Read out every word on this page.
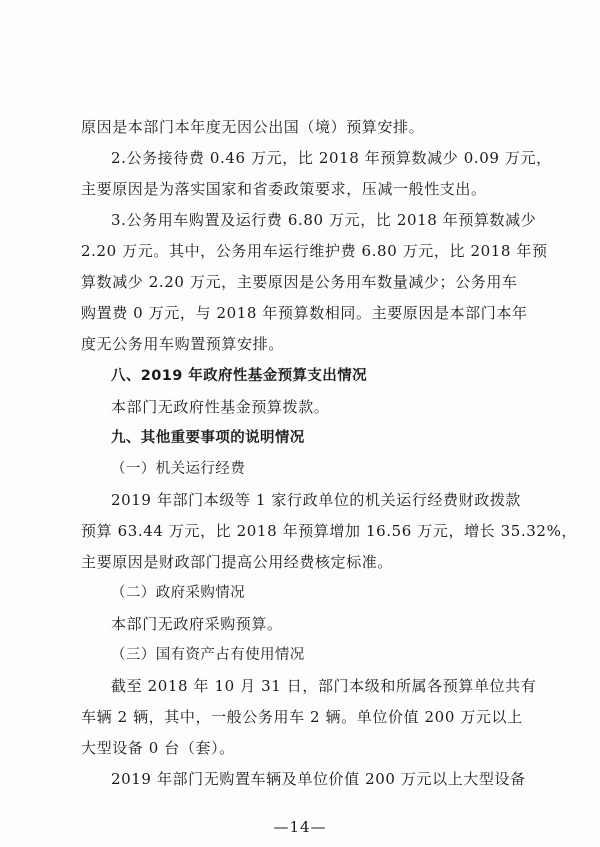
原因是本部门本年度无因公出国（境）预算安排。
2.公务接待费 0.46 万元，比 2018 年预算数减少 0.09 万元，
主要原因是为落实国家和省委政策要求，压减一般性支出。
3.公务用车购置及运行费 6.80 万元，比 2018 年预算数减少
2.20 万元。其中，公务用车运行维护费 6.80 万元，比 2018 年预
算数减少 2.20 万元，主要原因是公务用车数量减少；公务用车
购置费 0 万元，与 2018 年预算数相同。主要原因是本部门本年
度无公务用车购置预算安排。
八、2019 年政府性基金预算支出情况
本部门无政府性基金预算拨款。
九、其他重要事项的说明情况
（一）机关运行经费
2019 年部门本级等 1 家行政单位的机关运行经费财政拨款
预算 63.44 万元，比 2018 年预算增加 16.56 万元，增长 35.32%，
主要原因是财政部门提高公用经费核定标准。
（二）政府采购情况
本部门无政府采购预算。
（三）国有资产占有使用情况
截至 2018 年 10 月 31 日，部门本级和所属各预算单位共有
车辆 2 辆，其中，一般公务用车 2 辆。单位价值 200 万元以上
大型设备 0 台（套）。
2019 年部门无购置车辆及单位价值 200 万元以上大型设备
—14—
